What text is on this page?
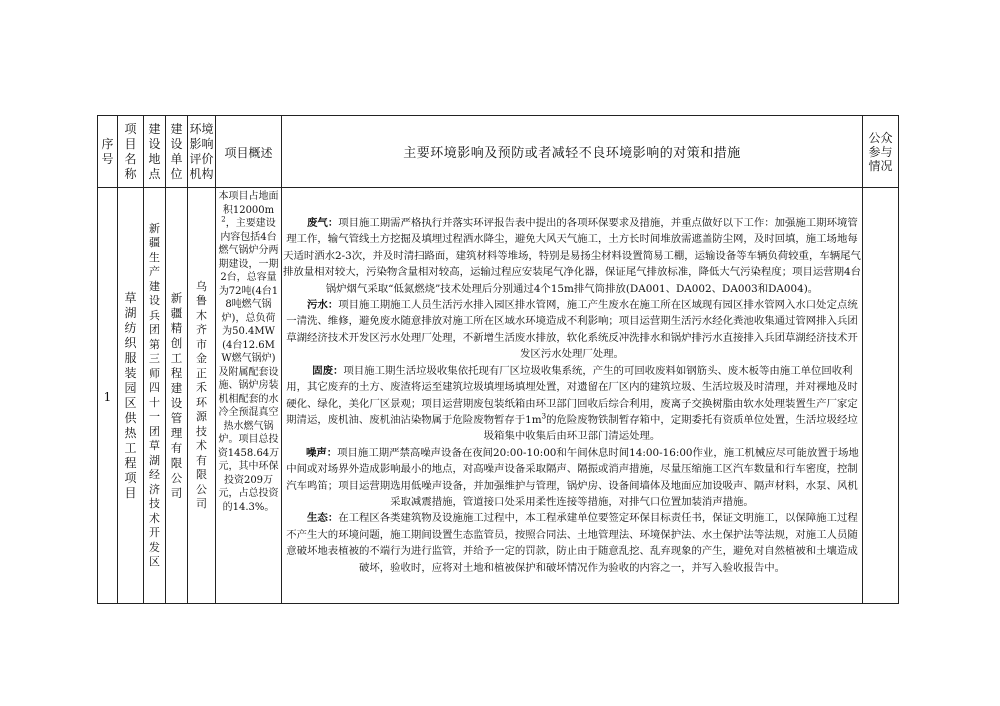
序号	项目名称	建设地点	建设单位	环境影响评价机构	项目概述	主要环境影响及预防或者减轻不良环境影响的对策和措施	公众参与情况

1	草湖纺织服装园区供热工程项目	新疆生产建设兵团第三师四十一团草湖经济技术开发区	新疆精创工程建设管理有限公司	乌鲁木齐市金正禾环源技术有限公司	本项目占地面积$12000m^2$，主要建设内容包括4台燃气锅炉分两期建设，一期2台，总容量为72吨(4台18吨燃气锅炉)，总负荷为50.4MW(4台12.6MW燃气锅炉)及附属配套设施、锅炉房装机相配套的水冷全预混真空热水燃气锅炉。项目总投资1458.64万元，其中环保投资209万元，占总投资的14.3%。	废气：项目施工期需严格执行并落实环评报告表中提出的各项环保要求及措施，并重点做好以下工作：加强施工期环境管理工作，输气管线土方挖掘及填埋过程洒水降尘，避免大风天气施工，土方长时间堆放需遮盖防尘网，及时回填，施工场地每天适时洒水2-3次，并及时清扫路面，建筑材料等堆场，特别是易扬尘材料设置简易工棚，运输设备等车辆负荷较重，车辆尾气排放量相对较大，污染物含量相对较高，运输过程应安装尾气净化器，保证尾气排放标准，降低大气污染程度；项目运营期4台锅炉烟气采取“低氮燃烧”技术处理后分别通过4个15m排气筒排放(DA001、DA002、DA003和DA004)。

污水：项目施工期施工人员生活污水排入园区排水管网，施工产生废水在施工所在区域现有园区排水管网入水口处定点统一清洗、维修，避免废水随意排放对施工所在区域水环境造成不利影响；项目运营期生活污水经化粪池收集通过管网排入兵团草湖经济技术开发区污水处理厂处理，不新增生活废水排放，软化系统反冲洗排水和锅炉排污水直接排入兵团草湖经济技术开发区污水处理厂处理。

固废：项目施工期生活垃圾收集依托现有厂区垃圾收集系统，产生的可回收废料如钢筋头、废木板等由施工单位回收利用，其它废弃的土方、废渣将运至建筑垃圾填埋场填埋处置，对遗留在厂区内的建筑垃圾、生活垃圾及时清理，并对裸地及时硬化、绿化，美化厂区景观；项目运营期废包装纸箱由环卫部门回收后综合利用，废离子交换树脂由软水处理装置生产厂家定期清运，废机油、废机油沾染物属于危险废物暂存于$1m^3$的危险废物铁制暂存箱中，定期委托有资质单位处置，生活垃圾经垃圾箱集中收集后由环卫部门清运处理。

噪声：项目施工期严禁高噪声设备在夜间20:00-10:00和午间休息时间14:00-16:00作业，施工机械应尽可能放置于场地中间或对场界外造成影响最小的地点，对高噪声设备采取隔声、隔振或消声措施，尽量压缩施工区汽车数量和行车密度，控制汽车鸣笛；项目运营期选用低噪声设备，并加强维护与管理，锅炉房、设备间墙体及地面应加设吸声、隔声材料，水泵、风机采取减震措施，管道接口处采用柔性连接等措施，对排气口位置加装消声措施。

生态：在工程区各类建筑物及设施施工过程中，本工程承建单位要签定环保目标责任书，保证文明施工，以保障施工过程不产生大的环境问题，施工期间设置生态监管员，按照合同法、土地管理法、环境保护法、水土保护法等法规，对施工人员随意破坏地表植被的不端行为进行监管，并给予一定的罚款，防止由于随意乱挖、乱弃现象的产生，避免对自然植被和土壤造成破坏，验收时，应将对土地和植被保护和破坏情况作为验收的内容之一，并写入验收报告中。	
